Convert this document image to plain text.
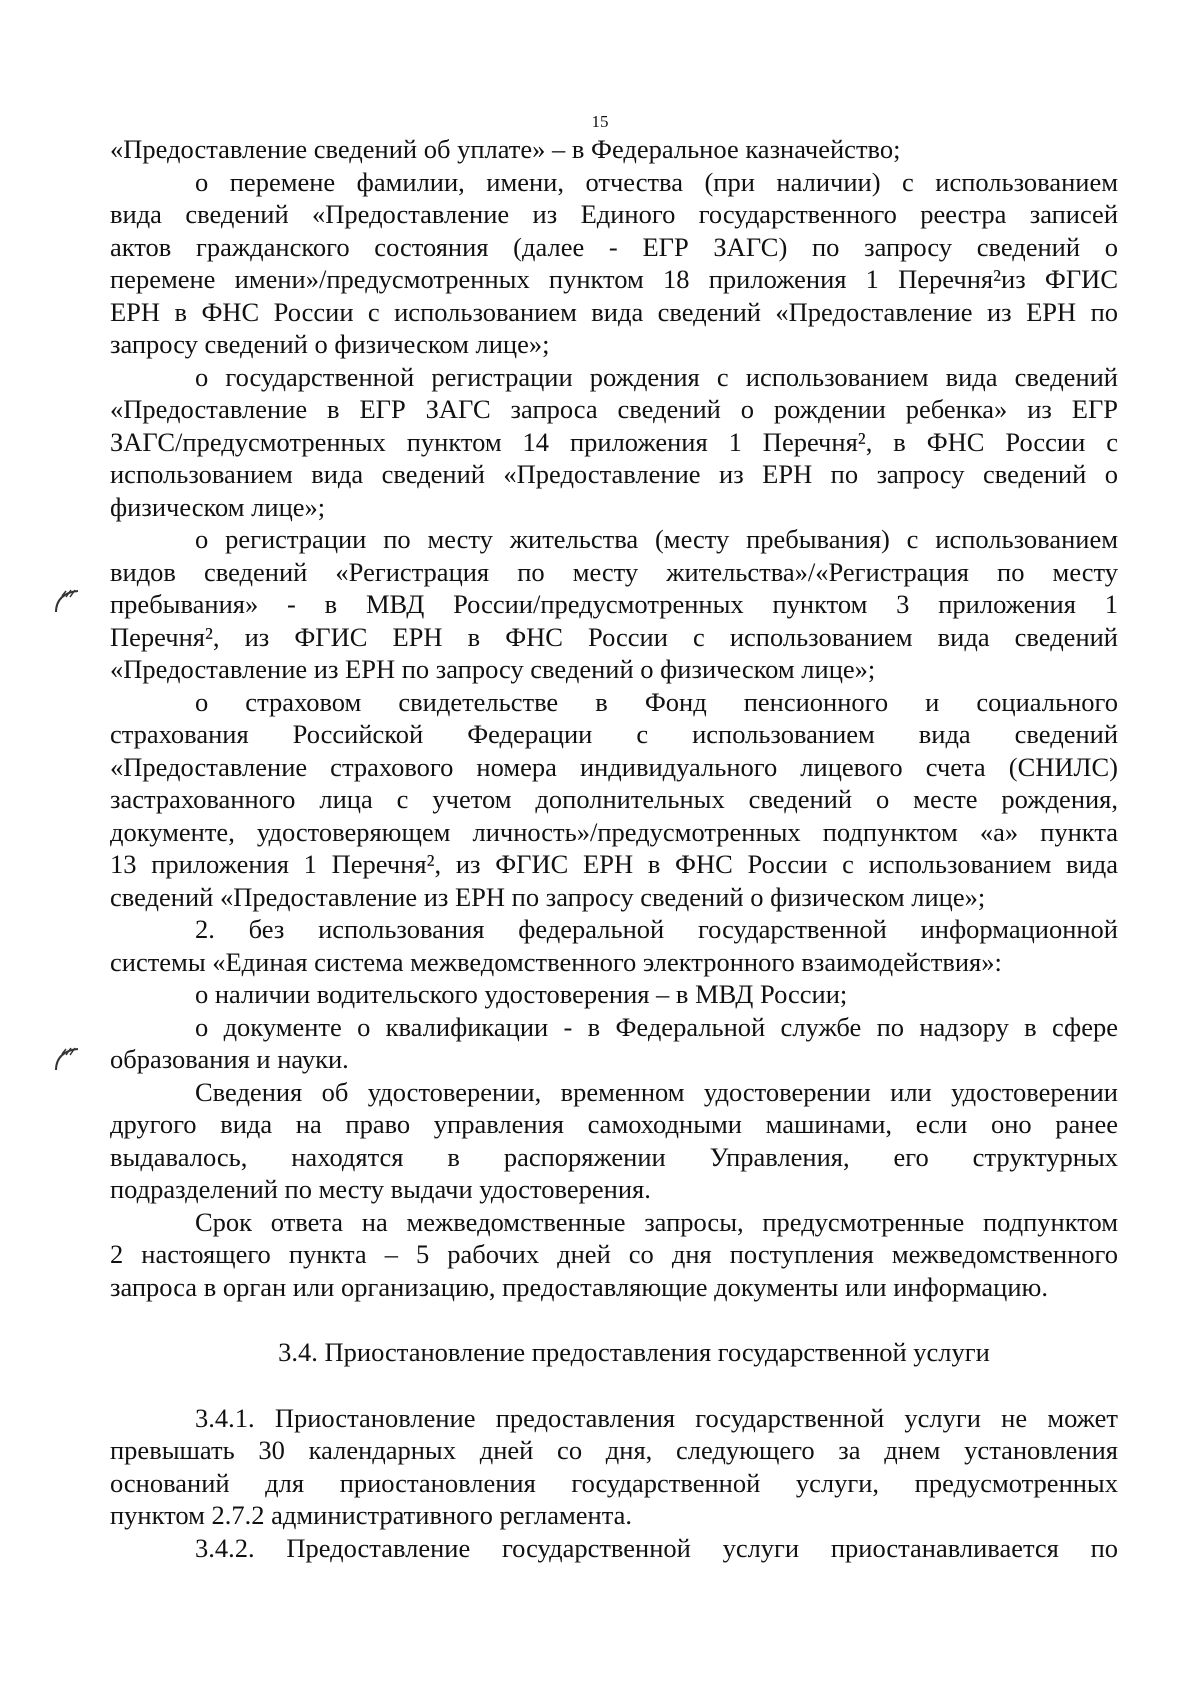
15
«Предоставление сведений об уплате» – в Федеральное казначейство;
о перемене фамилии, имени, отчества (при наличии) с использованием
вида сведений «Предоставление из Единого государственного реестра записей
актов гражданского состояния (далее - ЕГР ЗАГС) по запросу сведений о
перемене имени»/предусмотренных пунктом 18 приложения 1 Перечня²из ФГИС
ЕРН в ФНС России с использованием вида сведений «Предоставление из ЕРН по
запросу сведений о физическом лице»;
о государственной регистрации рождения с использованием вида сведений
«Предоставление в ЕГР ЗАГС запроса сведений о рождении ребенка» из ЕГР
ЗАГС/предусмотренных пунктом 14 приложения 1 Перечня², в ФНС России с
использованием вида сведений «Предоставление из ЕРН по запросу сведений о
физическом лице»;
о регистрации по месту жительства (месту пребывания) с использованием
видов сведений «Регистрация по месту жительства»/«Регистрация по месту
пребывания» - в МВД России/предусмотренных пунктом 3 приложения 1
Перечня², из ФГИС ЕРН в ФНС России с использованием вида сведений
«Предоставление из ЕРН по запросу сведений о физическом лице»;
о страховом свидетельстве в Фонд пенсионного и социального
страхования Российской Федерации с использованием вида сведений
«Предоставление страхового номера индивидуального лицевого счета (СНИЛС)
застрахованного лица с учетом дополнительных сведений о месте рождения,
документе, удостоверяющем личность»/предусмотренных подпунктом «а» пункта
13 приложения 1 Перечня², из ФГИС ЕРН в ФНС России с использованием вида
сведений «Предоставление из ЕРН по запросу сведений о физическом лице»;
2. без использования федеральной государственной информационной
системы «Единая система межведомственного электронного взаимодействия»:
о наличии водительского удостоверения – в МВД России;
о документе о квалификации - в Федеральной службе по надзору в сфере
образования и науки.
Сведения об удостоверении, временном удостоверении или удостоверении
другого вида на право управления самоходными машинами, если оно ранее
выдавалось, находятся в распоряжении Управления, его структурных
подразделений по месту выдачи удостоверения.
Срок ответа на межведомственные запросы, предусмотренные подпунктом
2 настоящего пункта – 5 рабочих дней со дня поступления межведомственного
запроса в орган или организацию, предоставляющие документы или информацию.
3.4. Приостановление предоставления государственной услуги
3.4.1. Приостановление предоставления государственной услуги не может
превышать 30 календарных дней со дня, следующего за днем установления
оснований для приостановления государственной услуги, предусмотренных
пунктом 2.7.2 административного регламента.
3.4.2. Предоставление государственной услуги приостанавливается по
